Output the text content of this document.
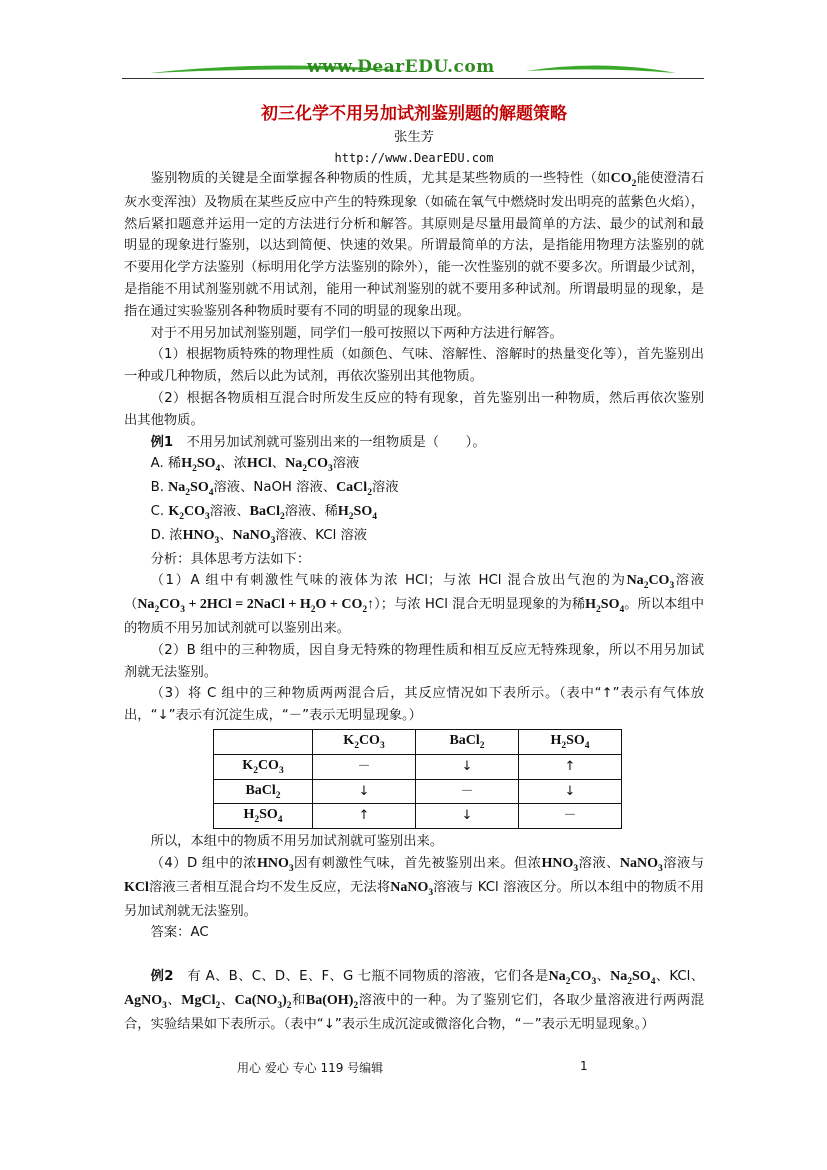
www.DearEDU.com
初三化学不用另加试剂鉴别题的解题策略
张生芳
http://www.DearEDU.com

鉴别物质的关键是全面掌握各种物质的性质，尤其是某些物质的一些特性（如$CO_2$能使澄清石灰水变浑浊）及物质在某些反应中产生的特殊现象（如硫在氧气中燃烧时发出明亮的蓝紫色火焰），然后紧扣题意并运用一定的方法进行分析和解答。其原则是尽量用最简单的方法、最少的试剂和最明显的现象进行鉴别，以达到简便、快速的效果。所谓最简单的方法，是指能用物理方法鉴别的就不要用化学方法鉴别（标明用化学方法鉴别的除外），能一次性鉴别的就不要多次。所谓最少试剂，是指能不用试剂鉴别就不用试剂，能用一种试剂鉴别的就不要用多种试剂。所谓最明显的现象，是指在通过实验鉴别各种物质时要有不同的明显的现象出现。

对于不用另加试剂鉴别题，同学们一般可按照以下两种方法进行解答。

（1）根据物质特殊的物理性质（如颜色、气味、溶解性、溶解时的热量变化等），首先鉴别出一种或几种物质，然后以此为试剂，再依次鉴别出其他物质。

（2）根据各物质相互混合时所发生反应的特有现象，首先鉴别出一种物质，然后再依次鉴别出其他物质。

例1　 不用另加试剂就可鉴别出来的一组物质是（　　）。

A. 稀$H_2SO_4$、浓HCl、$Na_2CO_3$溶液

B. $Na_2SO_4$溶液、NaOH 溶液、CaCl$_2$溶液

C. $K_2CO_3$溶液、BaCl$_2$溶液、稀$H_2SO_4$

D. 浓$HNO_3$、NaNO$_3$溶液、KCl 溶液

分析：具体思考方法如下：

（1）A 组中有刺激性气味的液体为浓 HCl；与浓 HCl 混合放出气泡的为$Na_2CO_3$溶液（$Na_2CO_3 + 2HCl$ = 2NaCl + $H_2O$ + $CO_2↑$）；与浓 HCl 混合无明显现象的为稀$H_2SO_4$。所以本组中的物质不用另加试剂就可以鉴别出来。

（2）B 组中的三种物质，因自身无特殊的物理性质和相互反应无特殊现象，所以不用另加试剂就无法鉴别。

（3）将 C 组中的三种物质两两混合后，其反应情况如下表所示。（表中“↑”表示有气体放出，“↓”表示有沉淀生成，“－”表示无明显现象。）

	$K_2CO_3$	BaCl$_2$	$H_2SO_4$
$K_2CO_3$	－	↓	↑
BaCl$_2$	↓	－	↓
$H_2SO_4$	↑	↓	－

所以，本组中的物质不用另加试剂就可鉴别出来。

（4）D 组中的浓$HNO_3$因有刺激性气味，首先被鉴别出来。但浓$HNO_3$溶液、NaNO$_3$溶液与KCl溶液三者相互混合均不发生反应，无法将NaNO$_3$溶液与 KCl 溶液区分。所以本组中的物质不用另加试剂就无法鉴别。

答案：AC

例2　 有 A、B、C、D、E、F、G 七瓶不同物质的溶液，它们各是$Na_2CO_3$、$Na_2SO_4$、KCl、AgNO$_3$、MgCl$_2$、$Ca(NO_3)_2$和$Ba(OH)_2$溶液中的一种。为了鉴别它们，各取少量溶液进行两两混合，实验结果如下表所示。（表中“↓”表示生成沉淀或微溶化合物，“－”表示无明显现象。）

用心 爱心 专心 119 号编辑	1
